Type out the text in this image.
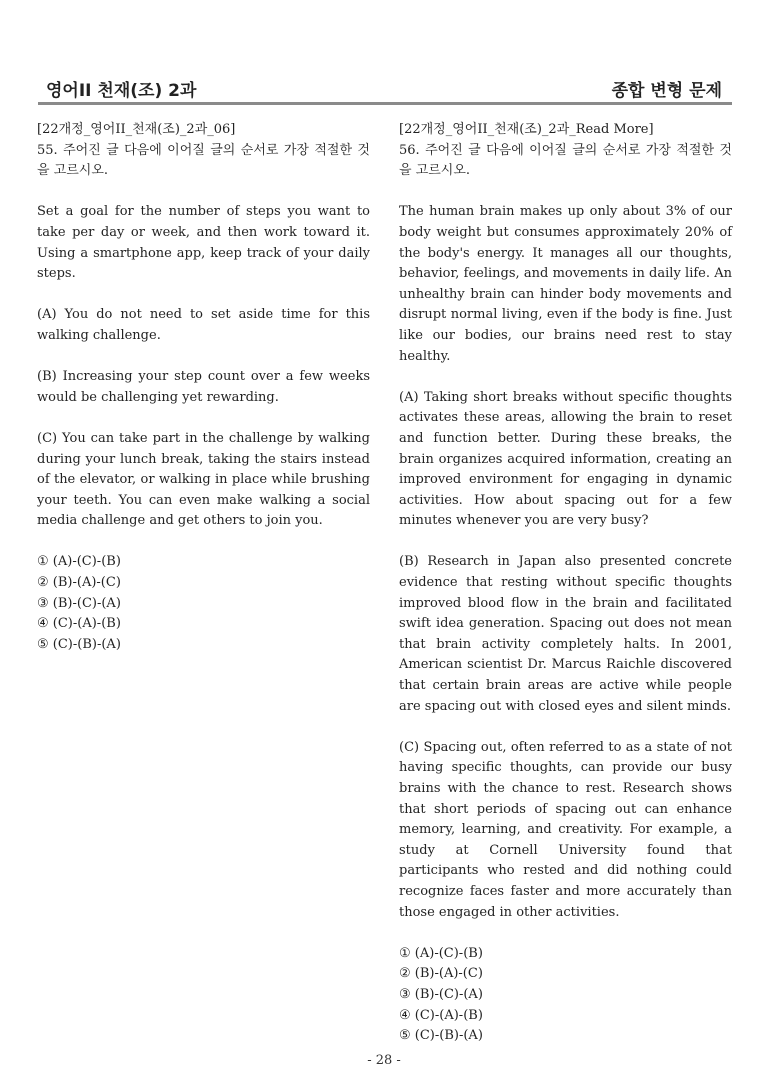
영어II 천재(조) 2과	종합 변형 문제

[22개정_영어II_천재(조)_2과_06]

55. 주어진 글 다음에 이어질 글의 순서로 가장 적절한 것을 고르시오.

Set a goal for the number of steps you want to take per day or week, and then work toward it. Using a smartphone app, keep track of your daily steps.

(A) You do not need to set aside time for this walking challenge.

(B) Increasing your step count over a few weeks would be challenging yet rewarding.

(C) You can take part in the challenge by walking during your lunch break, taking the stairs instead of the elevator, or walking in place while brushing your teeth. You can even make walking a social media challenge and get others to join you.

① (A)-(C)-(B)
② (B)-(A)-(C)
③ (B)-(C)-(A)
④ (C)-(A)-(B)
⑤ (C)-(B)-(A)

[22개정_영어II_천재(조)_2과_Read More]

56. 주어진 글 다음에 이어질 글의 순서로 가장 적절한 것을 고르시오.

The human brain makes up only about 3% of our body weight but consumes approximately 20% of the body's energy. It manages all our thoughts, behavior, feelings, and movements in daily life. An unhealthy brain can hinder body movements and disrupt normal living, even if the body is fine. Just like our bodies, our brains need rest to stay healthy.

(A) Taking short breaks without specific thoughts activates these areas, allowing the brain to reset and function better. During these breaks, the brain organizes acquired information, creating an improved environment for engaging in dynamic activities. How about spacing out for a few minutes whenever you are very busy?

(B) Research in Japan also presented concrete evidence that resting without specific thoughts improved blood flow in the brain and facilitated swift idea generation. Spacing out does not mean that brain activity completely halts. In 2001, American scientist Dr. Marcus Raichle discovered that certain brain areas are active while people are spacing out with closed eyes and silent minds.

(C) Spacing out, often referred to as a state of not having specific thoughts, can provide our busy brains with the chance to rest. Research shows that short periods of spacing out can enhance memory, learning, and creativity. For example, a study at Cornell University found that participants who rested and did nothing could recognize faces faster and more accurately than those engaged in other activities.

① (A)-(C)-(B)
② (B)-(A)-(C)
③ (B)-(C)-(A)
④ (C)-(A)-(B)
⑤ (C)-(B)-(A)
- 28 -
